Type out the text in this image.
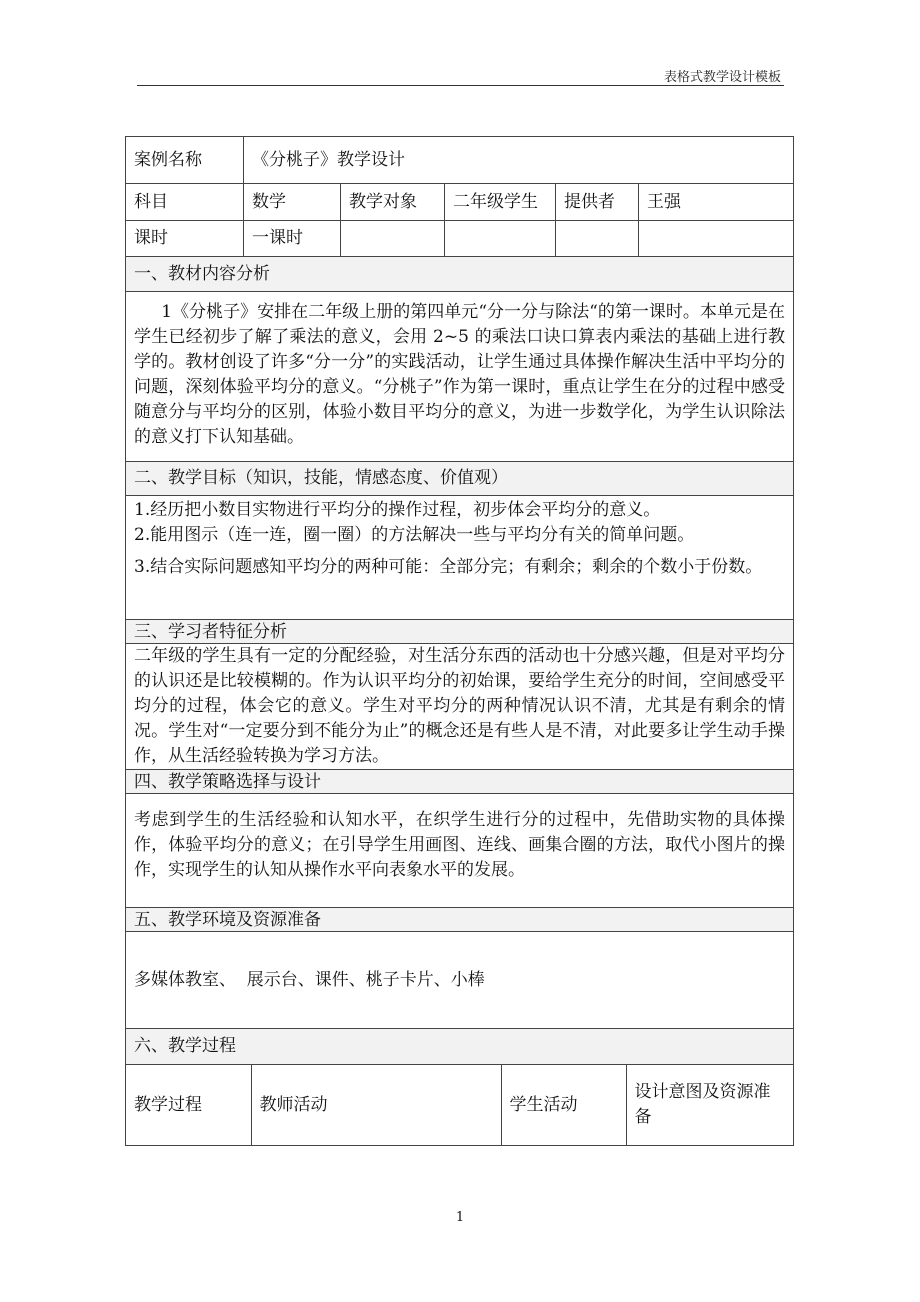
表格式教学设计模板
案例名称	《分桃子》教学设计
科目	数学	教学对象	二年级学生	提供者	王强
课时	一课时				
一、教材内容分析

1《分桃子》安排在二年级上册的第四单元“分一分与除法“的第一课时。本单元是在学生已经初步了解了乘法的意义，会用 2~5 的乘法口诀口算表内乘法的基础上进行教学的。教材创设了许多“分一分”的实践活动，让学生通过具体操作解决生活中平均分的问题，深刻体验平均分的意义。“分桃子”作为第一课时，重点让学生在分的过程中感受随意分与平均分的区别，体验小数目平均分的意义，为进一步数学化，为学生认识除法的意义打下认知基础。

二、教学目标（知识，技能，情感态度、价值观）

1.经历把小数目实物进行平均分的操作过程，初步体会平均分的意义。
2.能用图示（连一连，圈一圈）的方法解决一些与平均分有关的简单问题。
3.结合实际问题感知平均分的两种可能：全部分完；有剩余；剩余的个数小于份数。

三、学习者特征分析

二年级的学生具有一定的分配经验，对生活分东西的活动也十分感兴趣，但是对平均分的认识还是比较模糊的。作为认识平均分的初始课，要给学生充分的时间，空间感受平均分的过程，体会它的意义。学生对平均分的两种情况认识不清，尤其是有剩余的情况。学生对“一定要分到不能分为止”的概念还是有些人是不清，对此要多让学生动手操作，从生活经验转换为学习方法。

四、教学策略选择与设计

考虑到学生的生活经验和认知水平，在织学生进行分的过程中，先借助实物的具体操作，体验平均分的意义；在引导学生用画图、连线、画集合圈的方法，取代小图片的操作，实现学生的认知从操作水平向表象水平的发展。

五、教学环境及资源准备

多媒体教室、  展示台、课件、桃子卡片、小棒

六、教学过程

教学过程	教师活动	学生活动	设计意图及资源准备
1
